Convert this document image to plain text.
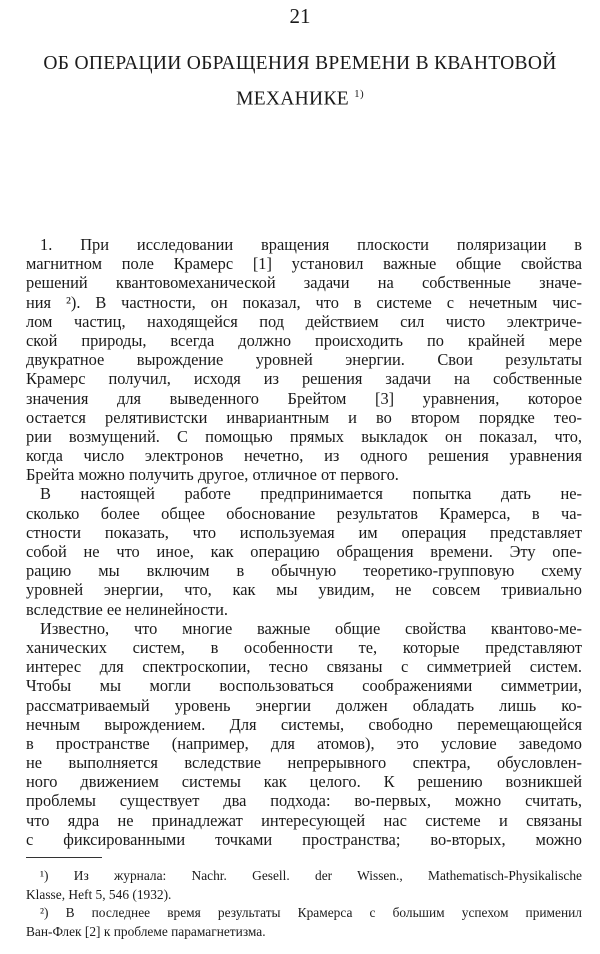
21
ОБ ОПЕРАЦИИ ОБРАЩЕНИЯ ВРЕМЕНИ В КВАНТОВОЙ
МЕХАНИКЕ $^{1)}$
1. При исследовании вращения плоскости поляризации в
магнитном поле Крамерс [1] установил важные общие свойства
решений квантовомеханической задачи на собственные значе-
ния ²). В частности, он показал, что в системе с нечетным чис-
лом частиц, находящейся под действием сил чисто электриче-
ской природы, всегда должно происходить по крайней мере
двукратное вырождение уровней энергии. Свои результаты
Крамерс получил, исходя из решения задачи на собственные
значения для выведенного Брейтом [3] уравнения, которое
остается релятивистски инвариантным и во втором порядке тео-
рии возмущений. С помощью прямых выкладок он показал, что,
когда число электронов нечетно, из одного решения уравнения
Брейта можно получить другое, отличное от первого.
В настоящей работе предпринимается попытка дать не-
сколько более общее обоснование результатов Крамерса, в ча-
стности показать, что используемая им операция представляет
собой не что иное, как операцию обращения времени. Эту опе-
рацию мы включим в обычную теоретико-групповую схему
уровней энергии, что, как мы увидим, не совсем тривиально
вследствие ее нелинейности.
Известно, что многие важные общие свойства квантово-ме-
ханических систем, в особенности те, которые представляют
интерес для спектроскопии, тесно связаны с симметрией систем.
Чтобы мы могли воспользоваться соображениями симметрии,
рассматриваемый уровень энергии должен обладать лишь ко-
нечным вырождением. Для системы, свободно перемещающейся
в пространстве (например, для атомов), это условие заведомо
не выполняется вследствие непрерывного спектра, обусловлен-
ного движением системы как целого. К решению возникшей
проблемы существует два подхода: во-первых, можно считать,
что ядра не принадлежат интересующей нас системе и связаны
с фиксированными точками пространства; во-вторых, можно
¹) Из журнала: Nachr. Gesell. der Wissen., Mathematisch-Physikalische
Klasse, Heft 5, 546 (1932).
²) В последнее время результаты Крамерса с большим успехом применил
Ван-Флек [2] к проблеме парамагнетизма.
